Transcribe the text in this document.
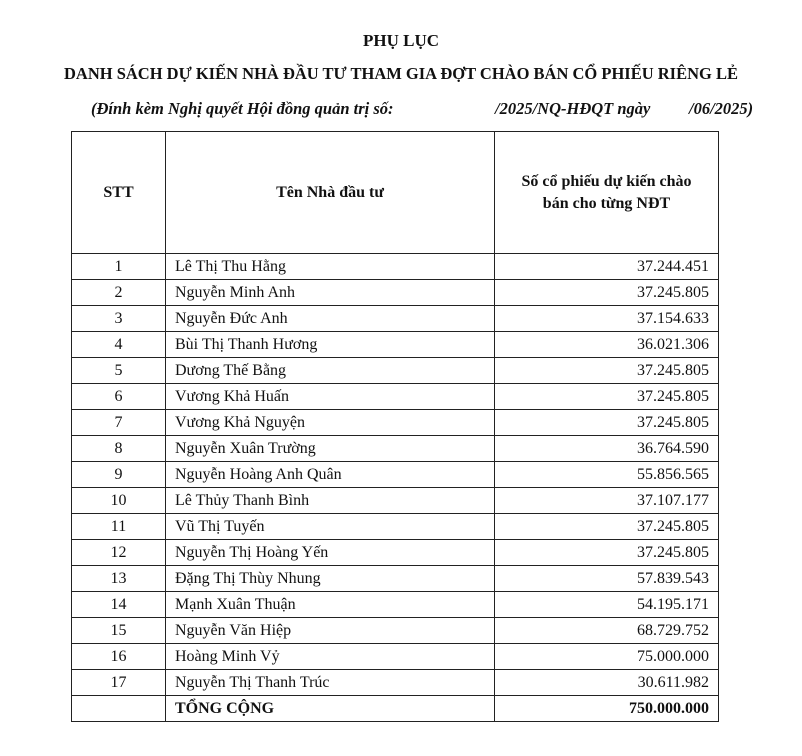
PHỤ LỤC
DANH SÁCH DỰ KIẾN NHÀ ĐẦU TƯ THAM GIA ĐỢT CHÀO BÁN CỔ PHIẾU RIÊNG LẺ
(Đính kèm Nghị quyết Hội đồng quản trị số:	/2025/NQ-HĐQT ngày /06/2025)
STT	Tên Nhà đầu tư	Số cổ phiếu dự kiến chào bán cho từng NĐT
1	Lê Thị Thu Hằng	37.244.451
2	Nguyễn Minh Anh	37.245.805
3	Nguyễn Đức Anh	37.154.633
4	Bùi Thị Thanh Hương	36.021.306
5	Dương Thế Bằng	37.245.805
6	Vương Khả Huấn	37.245.805
7	Vương Khả Nguyện	37.245.805
8	Nguyễn Xuân Trường	36.764.590
9	Nguyễn Hoàng Anh Quân	55.856.565
10	Lê Thủy Thanh Bình	37.107.177
11	Vũ Thị Tuyến	37.245.805
12	Nguyễn Thị Hoàng Yến	37.245.805
13	Đặng Thị Thùy Nhung	57.839.543
14	Mạnh Xuân Thuận	54.195.171
15	Nguyễn Văn Hiệp	68.729.752
16	Hoàng Minh Vỷ	75.000.000
17	Nguyễn Thị Thanh Trúc	30.611.982
	TỔNG CỘNG	750.000.000
